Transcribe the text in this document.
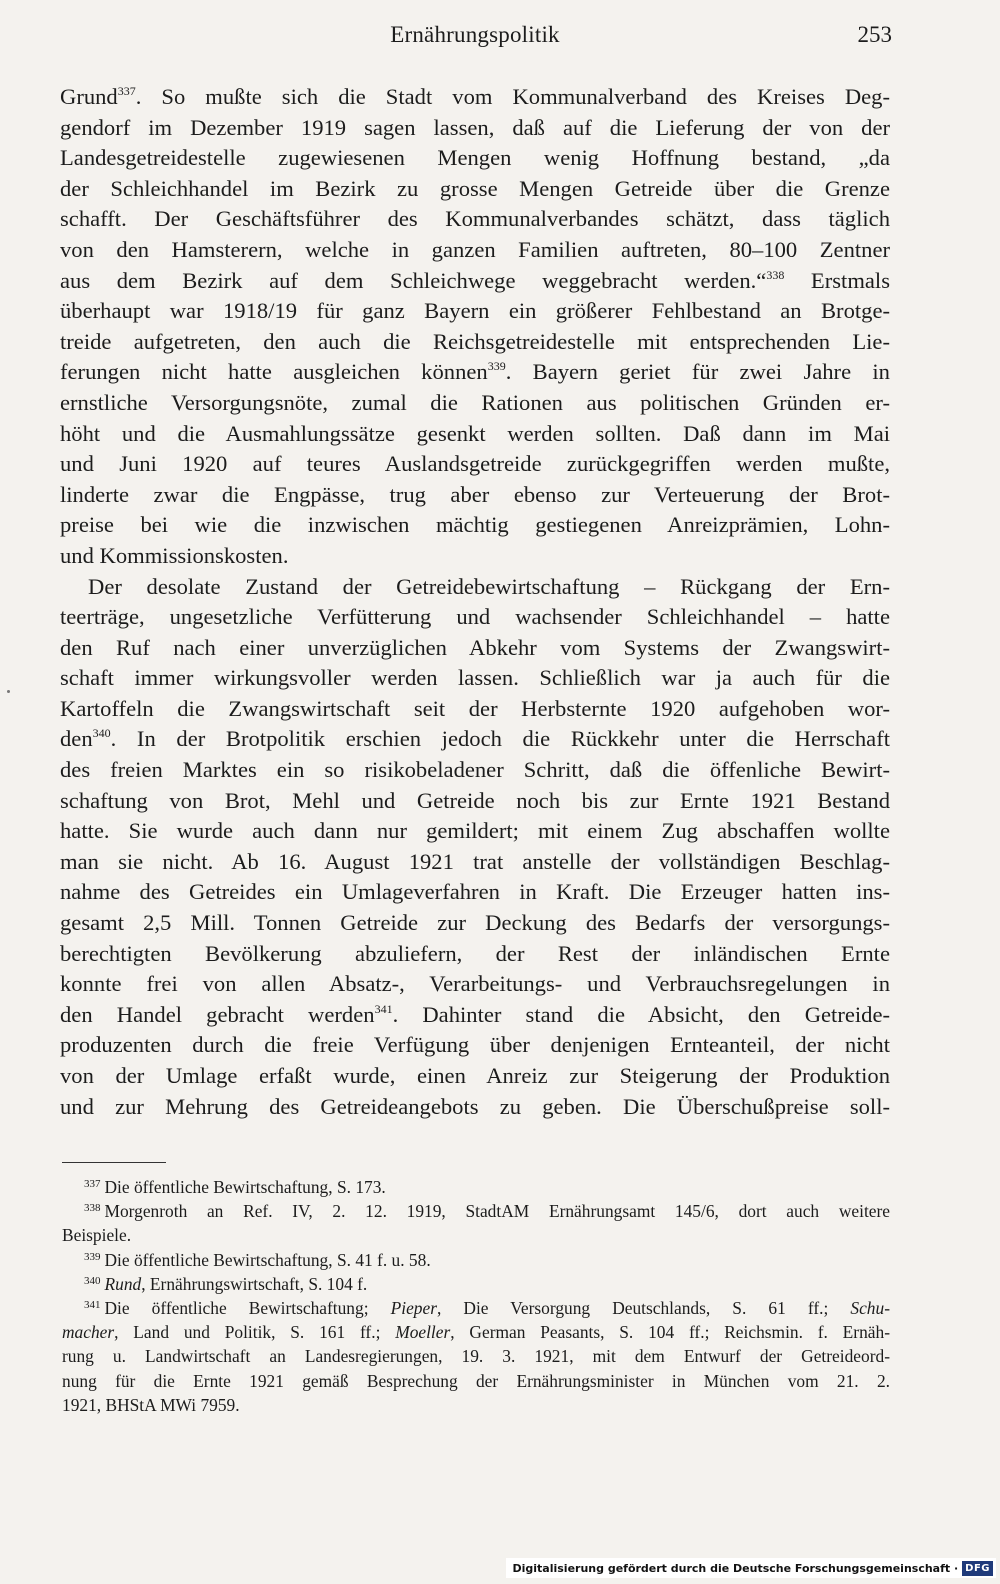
Ernährungspolitik	253
Grund$^{337}$. So mußte sich die Stadt vom Kommunalverband des Kreises Deg-
gendorf im Dezember 1919 sagen lassen, daß auf die Lieferung der von der
Landesgetreidestelle zugewiesenen Mengen wenig Hoffnung bestand, „da
der Schleichhandel im Bezirk zu grosse Mengen Getreide über die Grenze
schafft. Der Geschäftsführer des Kommunalverbandes schätzt, dass täglich
von den Hamsterern, welche in ganzen Familien auftreten, 80–100 Zentner
aus dem Bezirk auf dem Schleichwege weggebracht werden.“$^{338}$ Erstmals
überhaupt war 1918/19 für ganz Bayern ein größerer Fehlbestand an Brotge-
treide aufgetreten, den auch die Reichsgetreidestelle mit entsprechenden Lie-
ferungen nicht hatte ausgleichen können$^{339}$. Bayern geriet für zwei Jahre in
ernstliche Versorgungsnöte, zumal die Rationen aus politischen Gründen er-
höht und die Ausmahlungssätze gesenkt werden sollten. Daß dann im Mai
und Juni 1920 auf teures Auslandsgetreide zurückgegriffen werden mußte,
linderte zwar die Engpässe, trug aber ebenso zur Verteuerung der Brot-
preise bei wie die inzwischen mächtig gestiegenen Anreizprämien, Lohn-
und Kommissionskosten.
Der desolate Zustand der Getreidebewirtschaftung – Rückgang der Ern-
teerträge, ungesetzliche Verfütterung und wachsender Schleichhandel – hatte
den Ruf nach einer unverzüglichen Abkehr vom Systems der Zwangswirt-
schaft immer wirkungsvoller werden lassen. Schließlich war ja auch für die
Kartoffeln die Zwangswirtschaft seit der Herbsternte 1920 aufgehoben wor-
den$^{340}$. In der Brotpolitik erschien jedoch die Rückkehr unter die Herrschaft
des freien Marktes ein so risikobeladener Schritt, daß die öffenliche Bewirt-
schaftung von Brot, Mehl und Getreide noch bis zur Ernte 1921 Bestand
hatte. Sie wurde auch dann nur gemildert; mit einem Zug abschaffen wollte
man sie nicht. Ab 16. August 1921 trat anstelle der vollständigen Beschlag-
nahme des Getreides ein Umlageverfahren in Kraft. Die Erzeuger hatten ins-
gesamt 2,5 Mill. Tonnen Getreide zur Deckung des Bedarfs der versorgungs-
berechtigten Bevölkerung abzuliefern, der Rest der inländischen Ernte
konnte frei von allen Absatz-, Verarbeitungs- und Verbrauchsregelungen in
den Handel gebracht werden$^{341}$. Dahinter stand die Absicht, den Getreide-
produzenten durch die freie Verfügung über denjenigen Ernteanteil, der nicht
von der Umlage erfaßt wurde, einen Anreiz zur Steigerung der Produktion
und zur Mehrung des Getreideangebots zu geben. Die Überschußpreise soll-
$^{337}$ Die öffentliche Bewirtschaftung, S. 173.
$^{338}$ Morgenroth an Ref. IV, 2. 12. 1919, StadtAM Ernährungsamt 145/6, dort auch weitere
Beispiele.
$^{339}$ Die öffentliche Bewirtschaftung, S. 41 f. u. 58.
$^{340}$ Rund, Ernährungswirtschaft, S. 104 f.
$^{341}$ Die öffentliche Bewirtschaftung; Pieper, Die Versorgung Deutschlands, S. 61 ff.; Schu-
macher, Land und Politik, S. 161 ff.; Moeller, German Peasants, S. 104 ff.; Reichsmin. f. Ernäh-
rung u. Landwirtschaft an Landesregierungen, 19. 3. 1921, mit dem Entwurf der Getreideord-
nung für die Ernte 1921 gemäß Besprechung der Ernährungsminister in München vom 21. 2.
1921, BHStA MWi 7959.
Digitalisierung gefördert durch die Deutsche Forschungsgemeinschaft · DFG
